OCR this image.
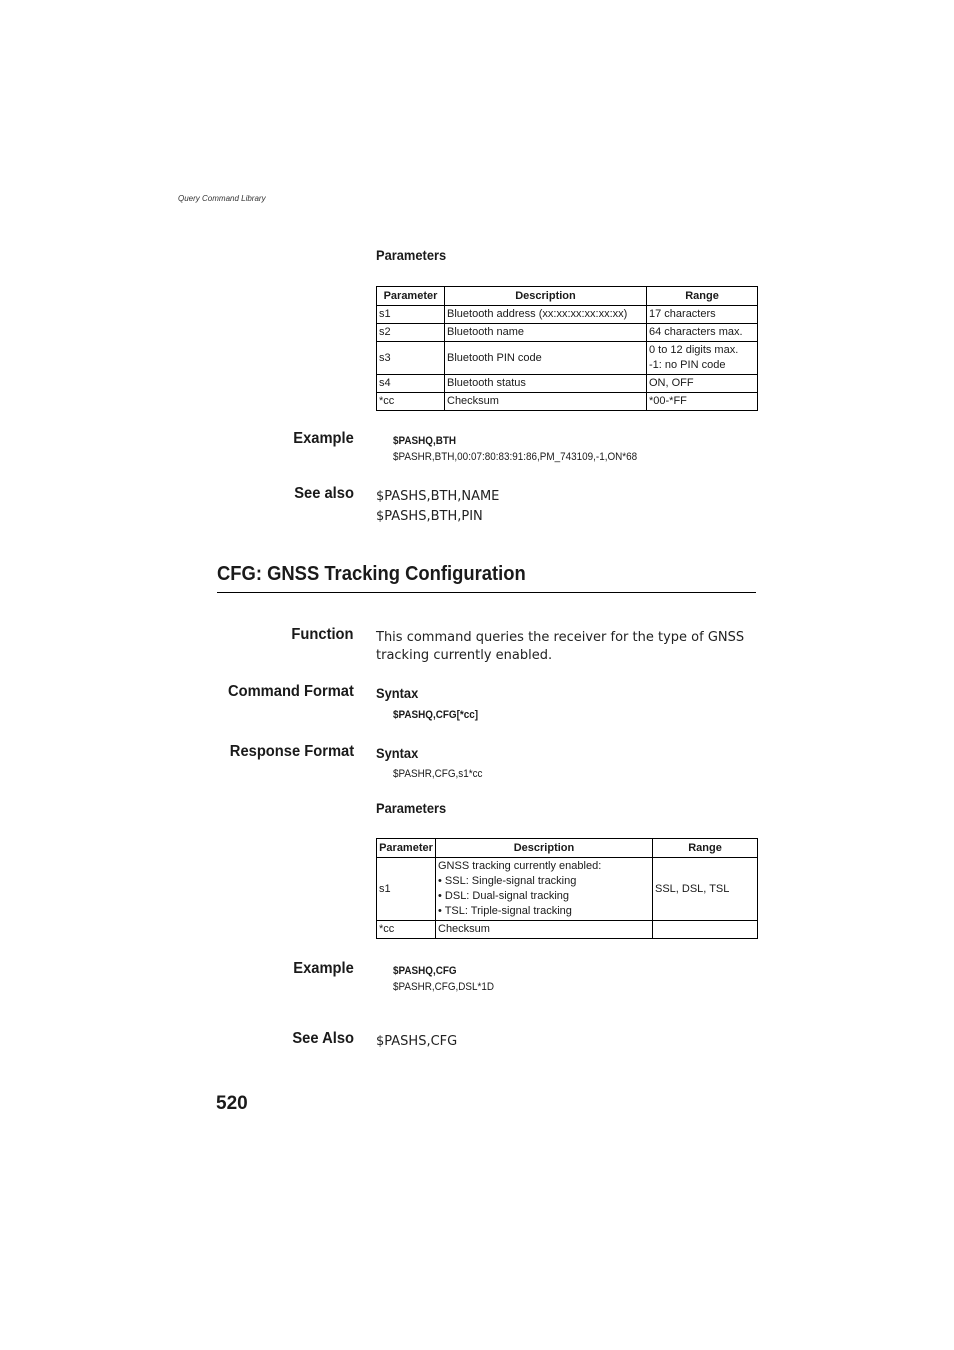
Query Command Library
Parameters
Parameter	Description	Range
s1	Bluetooth address (xx:xx:xx:xx:xx:xx)	17 characters
s2	Bluetooth name	64 characters max.
s3	Bluetooth PIN code	0 to 12 digits max.
-1: no PIN code

s4	Bluetooth status	ON, OFF
*cc	Checksum	*00-*FF
Example	$PASHQ,BTH
$PASHR,BTH,00:07:80:83:91:86,PM_743109,-1,ON*68
See also $PASHS,BTH,NAME
$PASHS,BTH,PIN
CFG: GNSS Tracking Configuration
Function This command queries the receiver for the type of GNSS
tracking currently enabled.
Command Format Syntax
$PASHQ,CFG[*cc]
Response Format Syntax
$PASHR,CFG,s1*cc
Parameters
Parameter	Description	Range
s1	GNSS tracking currently enabled:
• SSL: Single-signal tracking
• DSL: Dual-signal tracking
• TSL: Triple-signal tracking	SSL, DSL, TSL
*cc	Checksum	
Example	$PASHQ,CFG
$PASHR,CFG,DSL*1D
See Also $PASHS,CFG
520
